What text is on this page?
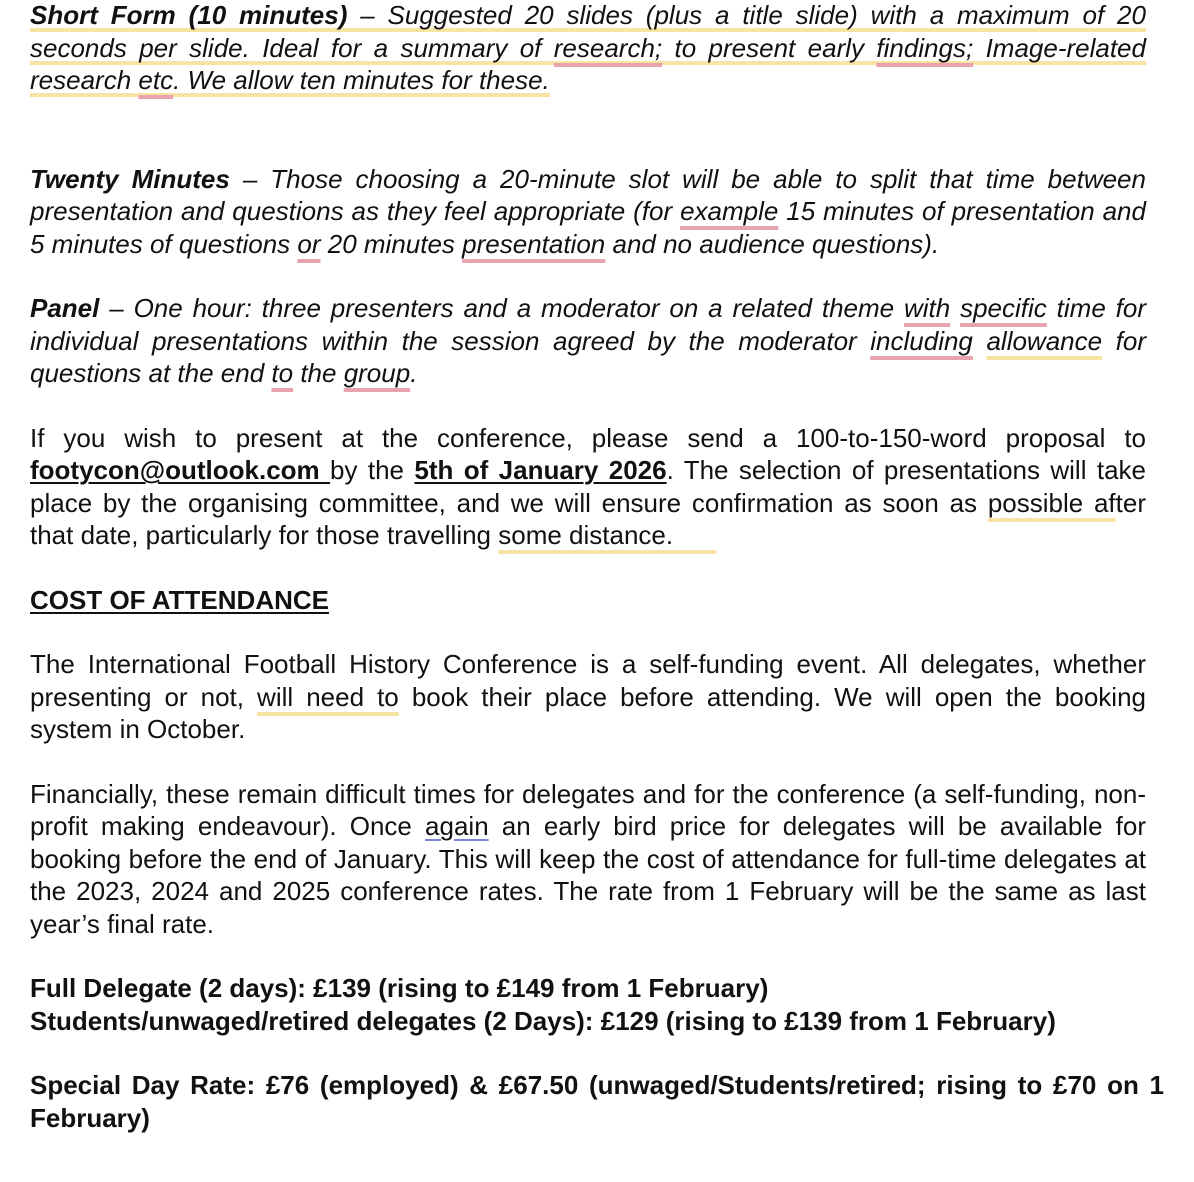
Short Form (10 minutes) – Suggested 20 slides (plus a title slide) with a maximum of 20 seconds per slide. Ideal for a summary of research; to present early findings; Image-related research etc. We allow ten minutes for these.

Twenty Minutes – Those choosing a 20-minute slot will be able to split that time between presentation and questions as they feel appropriate (for example 15 minutes of presentation and 5 minutes of questions or 20 minutes presentation and no audience questions).

Panel – One hour: three presenters and a moderator on a related theme with specific time for individual presentations within the session agreed by the moderator including allowance for questions at the end to the group.

If you wish to present at the conference, please send a 100-to-150-word proposal to footycon@outlook.com by the 5th of January 2026. The selection of presentations will take place by the organising committee, and we will ensure confirmation as soon as possible after that date, particularly for those travelling some distance.

COST OF ATTENDANCE

The International Football History Conference is a self-funding event. All delegates, whether presenting or not, will need to book their place before attending. We will open the booking system in October.

Financially, these remain difficult times for delegates and for the conference (a self-funding, non-profit making endeavour). Once again an early bird price for delegates will be available for booking before the end of January. This will keep the cost of attendance for full-time delegates at the 2023, 2024 and 2025 conference rates. The rate from 1 February will be the same as last year’s final rate.

Full Delegate (2 days): £139 (rising to £149 from 1 February)

Students/unwaged/retired delegates (2 Days): £129 (rising to £139 from 1 February)

Special Day Rate: £76 (employed) & £67.50 (unwaged/Students/retired; rising to £70 on 1 February)
